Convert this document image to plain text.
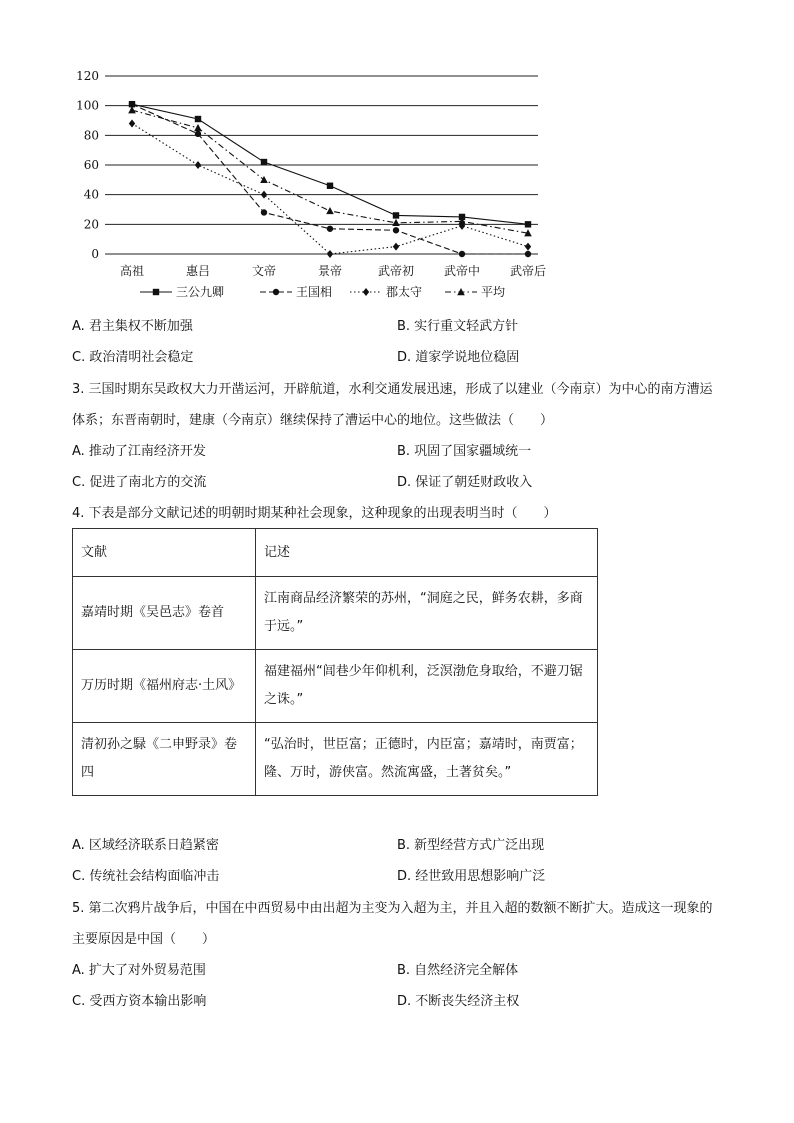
0
20
40
60
80
100
120
高祖	惠吕	文帝	景帝	武帝初 武帝中 武帝后
三公九卿	王国相	郡太守	平均
A. 君主集权不断加强	B. 实行重文轻武方针
C. 政治清明社会稳定	D. 道家学说地位稳固
3. 三国时期东吴政权大力开凿运河，开辟航道，水利交通发展迅速，形成了以建业（今南京）为中心的南方漕运体系；东晋南朝时，建康（今南京）继续保持了漕运中心的地位。这些做法（　　）
A. 推动了江南经济开发	B. 巩固了国家疆域统一
C. 促进了南北方的交流	D. 保证了朝廷财政收入
4. 下表是部分文献记述的明朝时期某种社会现象，这种现象的出现表明当时（　　）
文献	记述
嘉靖时期《吴邑志》卷首	江南商品经济繁荣的苏州，“洞庭之民，鲜务农耕，多商于远。”
万历时期《福州府志·土风》	福建福州“闾巷少年仰机利，泛溟渤危身取给，不避刀锯之诛。”
清初孙之騄《二申野录》卷四	“弘治时，世臣富；正德时，内臣富；嘉靖时，南贾富；隆、万时，游侠富。然流寓盛，土著贫矣。”
A. 区域经济联系日趋紧密	B. 新型经营方式广泛出现
C. 传统社会结构面临冲击	D. 经世致用思想影响广泛
5. 第二次鸦片战争后，中国在中西贸易中由出超为主变为入超为主，并且入超的数额不断扩大。造成这一现象的主要原因是中国（　　）
A. 扩大了对外贸易范围	B. 自然经济完全解体
C. 受西方资本输出影响	D. 不断丧失经济主权
